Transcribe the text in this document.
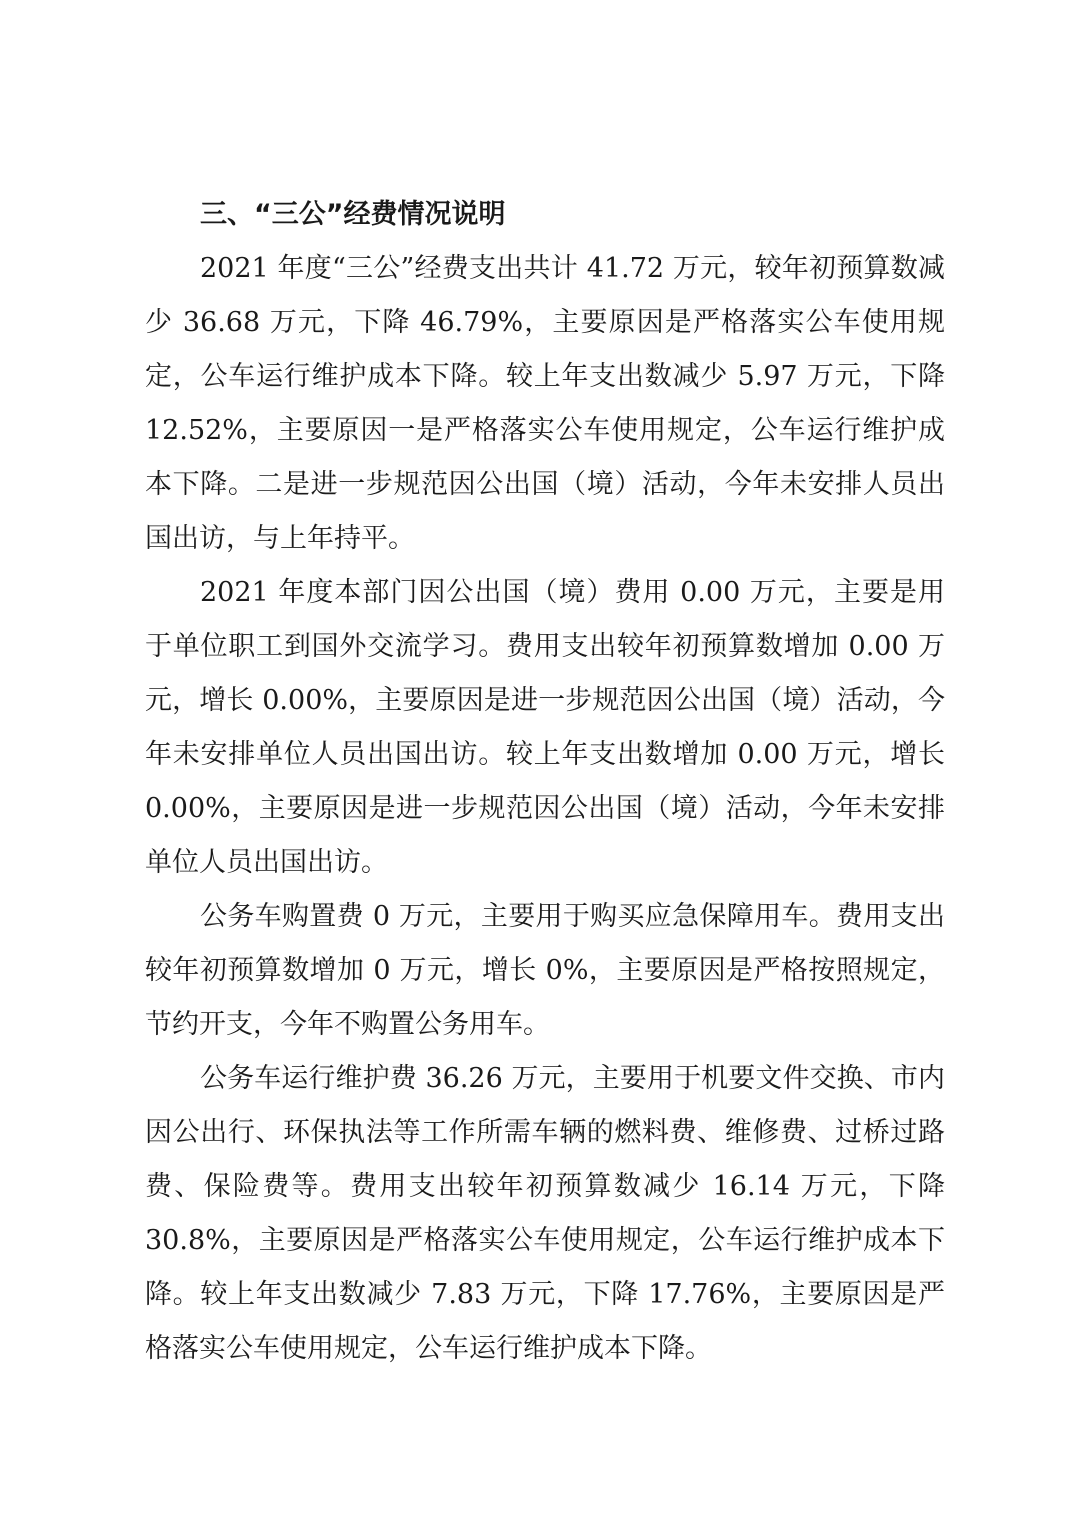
三、“三公”经费情况说明

2021 年度“三公”经费支出共计 41.72 万元，较年初预算数减少 36.68 万元，下降 46.79%，主要原因是严格落实公车使用规定，公车运行维护成本下降。较上年支出数减少 5.97 万元，下降 12.52%，主要原因一是严格落实公车使用规定，公车运行维护成本下降。二是进一步规范因公出国（境）活动，今年未安排人员出国出访，与上年持平。

2021 年度本部门因公出国（境）费用 0.00 万元，主要是用于单位职工到国外交流学习。费用支出较年初预算数增加 0.00 万元，增长 0.00%，主要原因是进一步规范因公出国（境）活动，今年未安排单位人员出国出访。较上年支出数增加 0.00 万元，增长 0.00%，主要原因是进一步规范因公出国（境）活动，今年未安排单位人员出国出访。

公务车购置费 0 万元，主要用于购买应急保障用车。费用支出较年初预算数增加 0 万元，增长 0%，主要原因是严格按照规定，节约开支，今年不购置公务用车。

公务车运行维护费 36.26 万元，主要用于机要文件交换、市内因公出行、环保执法等工作所需车辆的燃料费、维修费、过桥过路费、保险费等。费用支出较年初预算数减少 16.14 万元，下降 30.8%，主要原因是严格落实公车使用规定，公车运行维护成本下降。较上年支出数减少 7.83 万元，下降 17.76%，主要原因是严格落实公车使用规定，公车运行维护成本下降。
